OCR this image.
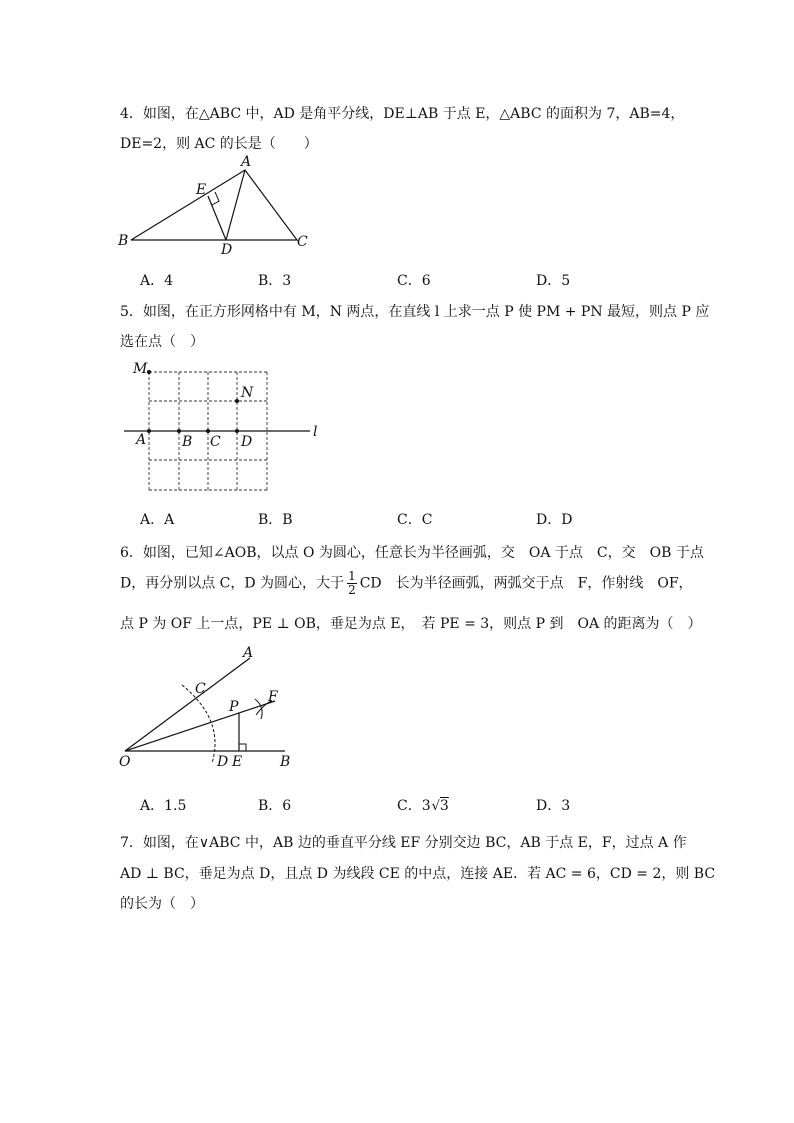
4．如图，在△ABC 中，AD 是角平分线，DE⊥AB 于点 E，△ABC 的面积为 7，AB=4，
DE=2，则 AC 的长是（　　）
A
E
B
D	C
A．4	B．3	C．6	D．5
5．如图，在正方形网格中有 M，N 两点，在直线 l 上求一点 P 使 PM + PN 最短，则点 P 应
选在点（　）
M
N
A	B C D
l
A．A	B．B	C．C	D．D
6．如图，已知∠AOB，以点 O 为圆心，任意长为半径画弧，交　OA 于点　C，交　OB 于点
D，再分别以点 C，D 为圆心，大于 $\frac{1}{2}$ CD　长为半径画弧，两弧交于点　F，作射线　OF，
点 P 为 OF 上一点，PE ⊥ OB，垂足为点 E，　若 PE = 3，则点 P 到　OA 的距离为（　）
A
C	F
P
O	D E	B
A．1.5	B．6	C．3√3	D．3
7．如图，在∨ABC 中，AB 边的垂直平分线 EF 分别交边 BC，AB 于点 E，F，过点 A 作
AD ⊥ BC，垂足为点 D，且点 D 为线段 CE 的中点，连接 AE．若 AC = 6，CD = 2，则 BC
的长为（　）
